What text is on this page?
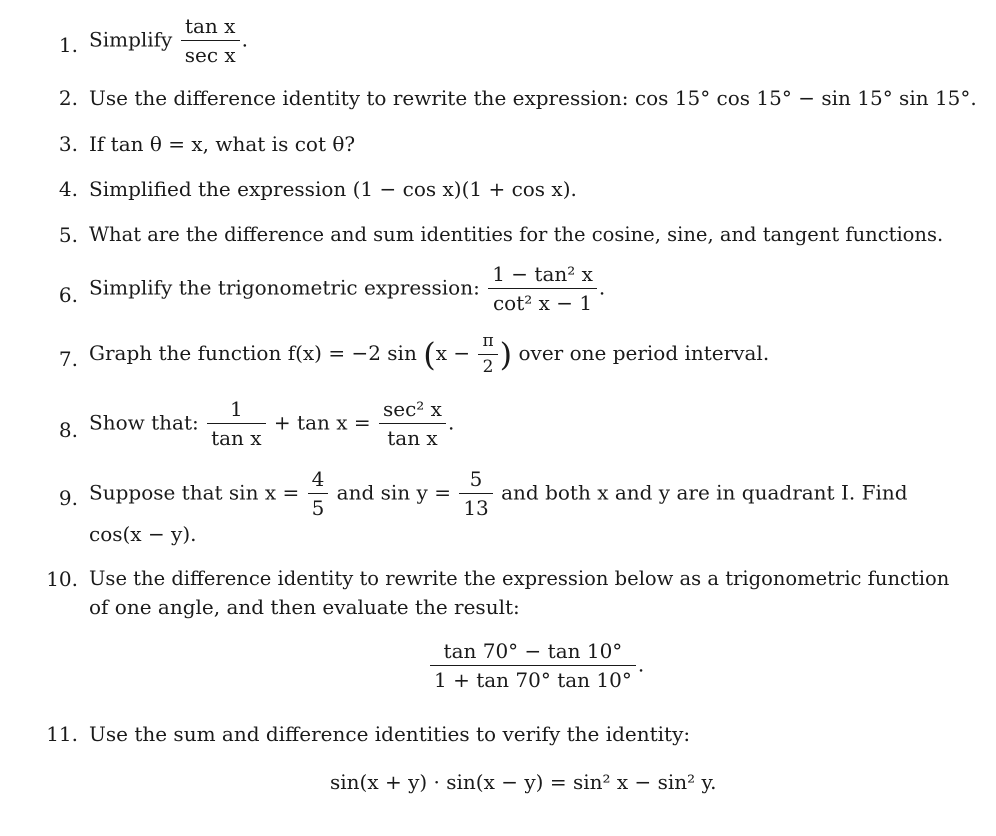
1. Simplify $\frac{\text{tan x}}{\text{sec x}}$ .
2. Use the difference identity to rewrite the expression: cos 15° cos 15° − sin 15° sin 15°.
3. If tan θ = x, what is cot θ?
4. Simplified the expression (1 − cos x)(1 + cos x).
5. What are the difference and sum identities for the cosine, sine, and tangent functions.
6. Simplify the trigonometric expression: $\frac{\text{1 − tan² x}}{\text{cot² x − 1}}$ .
7. Graph the function f(x) = −2 $\sin (x - \frac{\pi}{2}$ ) over one period interval.
8. Show that: $\frac{1}{\text{tan x}} + \tan x = \frac{\text{sec² x}}{\text{tan x}}$ .
9. Suppose that $\sin x = \frac{4}{5}$ and $\sin y = \frac{5}{13}$ and both x and y are in quadrant I. Find
cos(x − y).
10. Use the difference identity to rewrite the expression below as a trigonometric function
of one angle, and then evaluate the result:
$\frac{\tan 70^\circ - \tan 10^\circ}{1 + \tan 70^\circ \tan 10^\circ}$ .
11. Use the sum and difference identities to verify the identity:
sin(x + y) · sin(x − y) = sin² x − sin² y.
